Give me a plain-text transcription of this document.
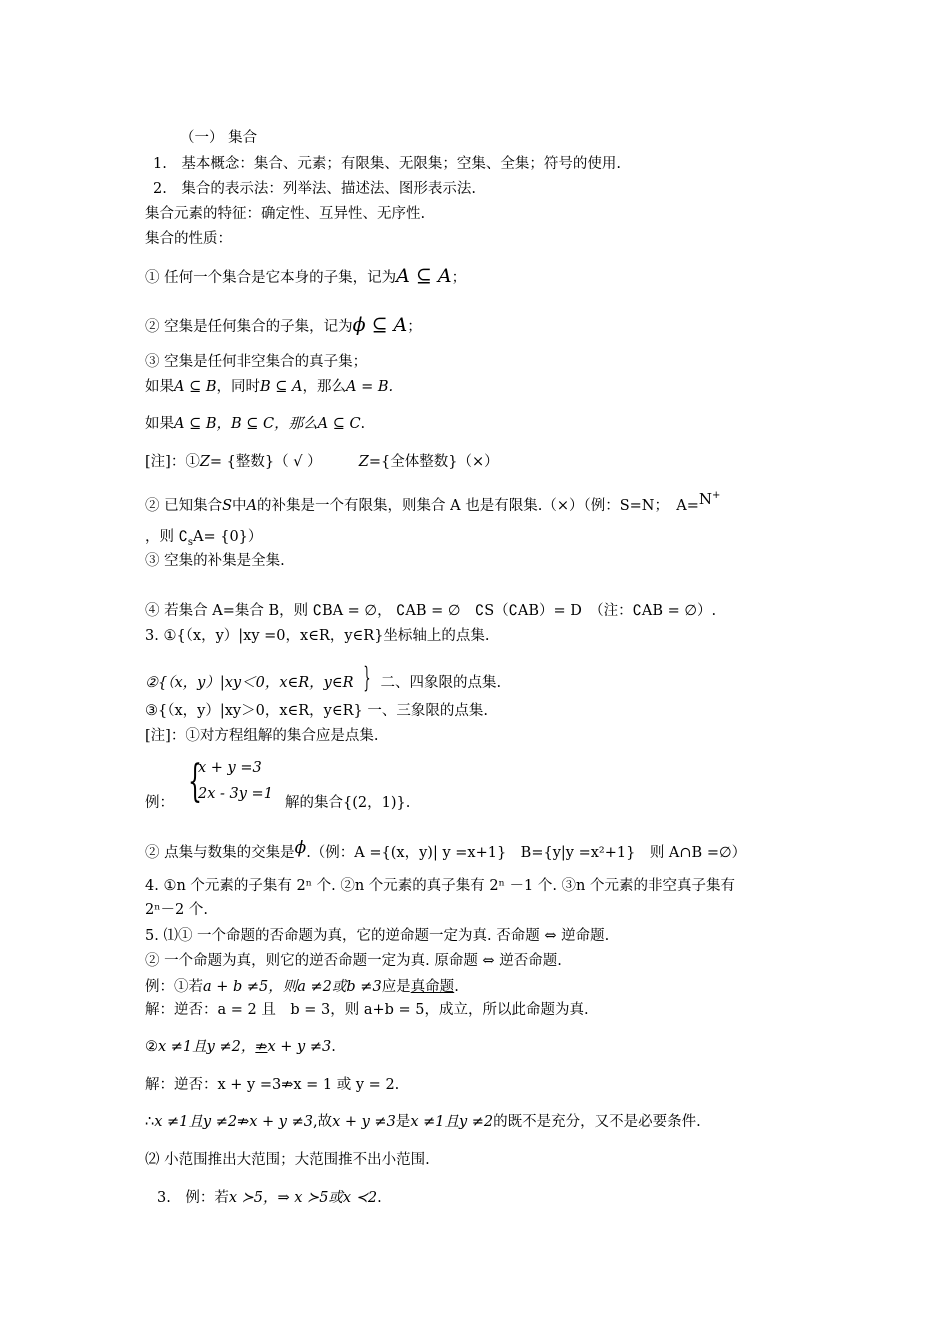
（一） 集合
1.　基本概念：集合、元素；有限集、无限集；空集、全集；符号的使用.
2.　集合的表示法：列举法、描述法、图形表示法.
集合元素的特征：确定性、互异性、无序性.
集合的性质：
① 任何一个集合是它本身的子集，记为A ⊆ A；
② 空集是任何集合的子集，记为ϕ ⊆ A；
③ 空集是任何非空集合的真子集；
如果A ⊆ B，同时B ⊆ A，那么A = B.
如果A ⊆ B，B ⊆ C，那么A ⊆ C.
[注]：①Z= {整数}（ √ ）	Z={全体整数}（×）
② 已知集合S中A的补集是一个有限集，则集合 A 也是有限集.（×）（例：S=N；　A=N+
，则 $∁_sA= \{0\}$）
③ 空集的补集是全集.
④ 若集合 A=集合 B，则 ∁BA = ∅， ∁AB = ∅　∁S（∁AB）= D　（注：∁AB = ∅）.
3. ①{（x，y）|xy =0，x∈R，y∈R}坐标轴上的点集.
②{（x，y）|xy＜0，x∈R，y∈R } 二、四象限的点集.
③{（x，y）|xy＞0，x∈R，y∈R} 一、三象限的点集.
[注]：①对方程组解的集合应是点集.
{
x + y =3
2x - 3y =1
例：	解的集合{(2，1)}.
② 点集与数集的交集是ϕ.（例：A ={(x，y)| y =x+1}　B={y|y =x²+1}　则 A∩B =∅）
4. ①n 个元素的子集有 2ⁿ 个. ②n 个元素的真子集有 2ⁿ －1 个. ③n 个元素的非空真子集有
2ⁿ－2 个.
5. ⑴① 一个命题的否命题为真，它的逆命题一定为真. 否命题 ⇔ 逆命题.
② 一个命题为真，则它的逆否命题一定为真. 原命题 ⇔ 逆否命题.
例：①若a + b ≠5，则a ≠2或b ≠3应是真命题.
解：逆否：a = 2 且　b = 3，则 a+b = 5，成立，所以此命题为真.
②x ≠1且y ≠2，⇏x + y ≠3.
解：逆否：x + y =3⇏x = 1 或 y = 2.
∴x ≠1且y ≠2⇏x + y ≠3,故x + y ≠3是x ≠1且y ≠2的既不是充分，又不是必要条件.
⑵ 小范围推出大范围；大范围推不出小范围.
3.　例：若x ≻5，⇒ x ≻5或x ≺2.
